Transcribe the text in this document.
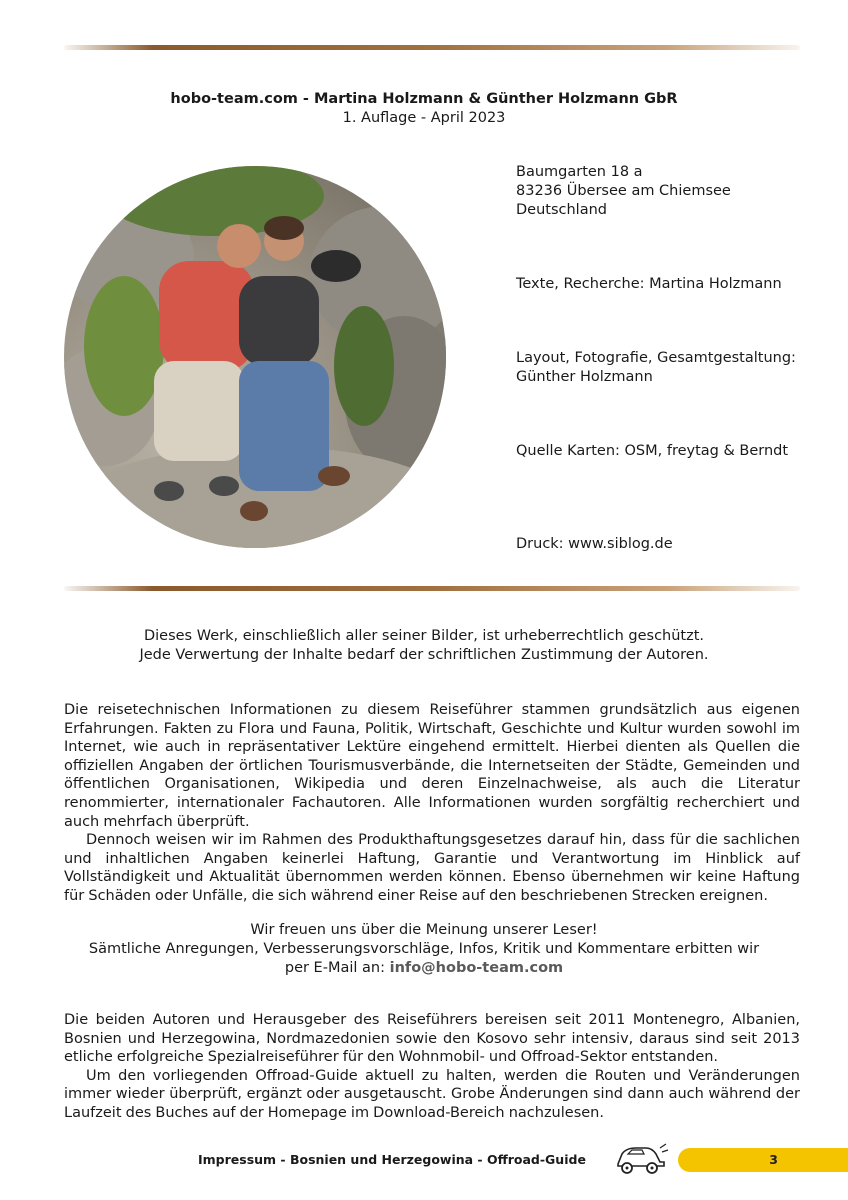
hobo-team.com - Martina Holzmann & Günther Holzmann GbR
1. Auflage - April 2023
Baumgarten 18 a
83236 Übersee am Chiemsee
Deutschland
Texte, Recherche: Martina Holzmann
Layout, Fotografie, Gesamtgestaltung:
Günther Holzmann
Quelle Karten: OSM, freytag & Berndt
Druck: www.siblog.de
Dieses Werk, einschließlich aller seiner Bilder, ist urheberrechtlich geschützt.
Jede Verwertung der Inhalte bedarf der schriftlichen Zustimmung der Autoren.

Die reisetechnischen Informationen zu diesem Reiseführer stammen grundsätzlich aus eigenen Erfahrungen. Fakten zu Flora und Fauna, Politik, Wirtschaft, Geschichte und Kultur wurden sowohl im Internet, wie auch in repräsentativer Lektüre eingehend ermittelt. Hierbei dienten als Quellen die offiziellen Angaben der örtlichen Tourismusverbände, die Internetseiten der Städte, Gemeinden und öffentlichen Organisationen, Wikipedia und deren Einzelnachweise, als auch die Literatur renommierter, internationaler Fachautoren. Alle Informationen wurden sorgfältig recherchiert und auch mehrfach überprüft.

Dennoch weisen wir im Rahmen des Produkthaftungsgesetzes darauf hin, dass für die sachlichen und inhaltlichen Angaben keinerlei Haftung, Garantie und Verantwortung im Hinblick auf Vollständigkeit und Aktualität übernommen werden können. Ebenso übernehmen wir keine Haftung für Schäden oder Unfälle, die sich während einer Reise auf den beschriebenen Strecken ereignen.

Wir freuen uns über die Meinung unserer Leser!
Sämtliche Anregungen, Verbesserungsvorschläge, Infos, Kritik und Kommentare erbitten wir
per E-Mail an: info@hobo-team.com

Die beiden Autoren und Herausgeber des Reiseführers bereisen seit 2011 Montenegro, Albanien, Bosnien und Herzegowina, Nordmazedonien sowie den Kosovo sehr intensiv, daraus sind seit 2013 etliche erfolgreiche Spezialreiseführer für den Wohnmobil- und Offroad-Sektor entstanden.

Um den vorliegenden Offroad-Guide aktuell zu halten, werden die Routen und Veränderungen immer wieder überprüft, ergänzt oder ausgetauscht. Grobe Änderungen sind dann auch während der Laufzeit des Buches auf der Homepage im Download-Bereich nachzulesen.

Impressum - Bosnien und Herzegowina - Offroad-Guide	3
